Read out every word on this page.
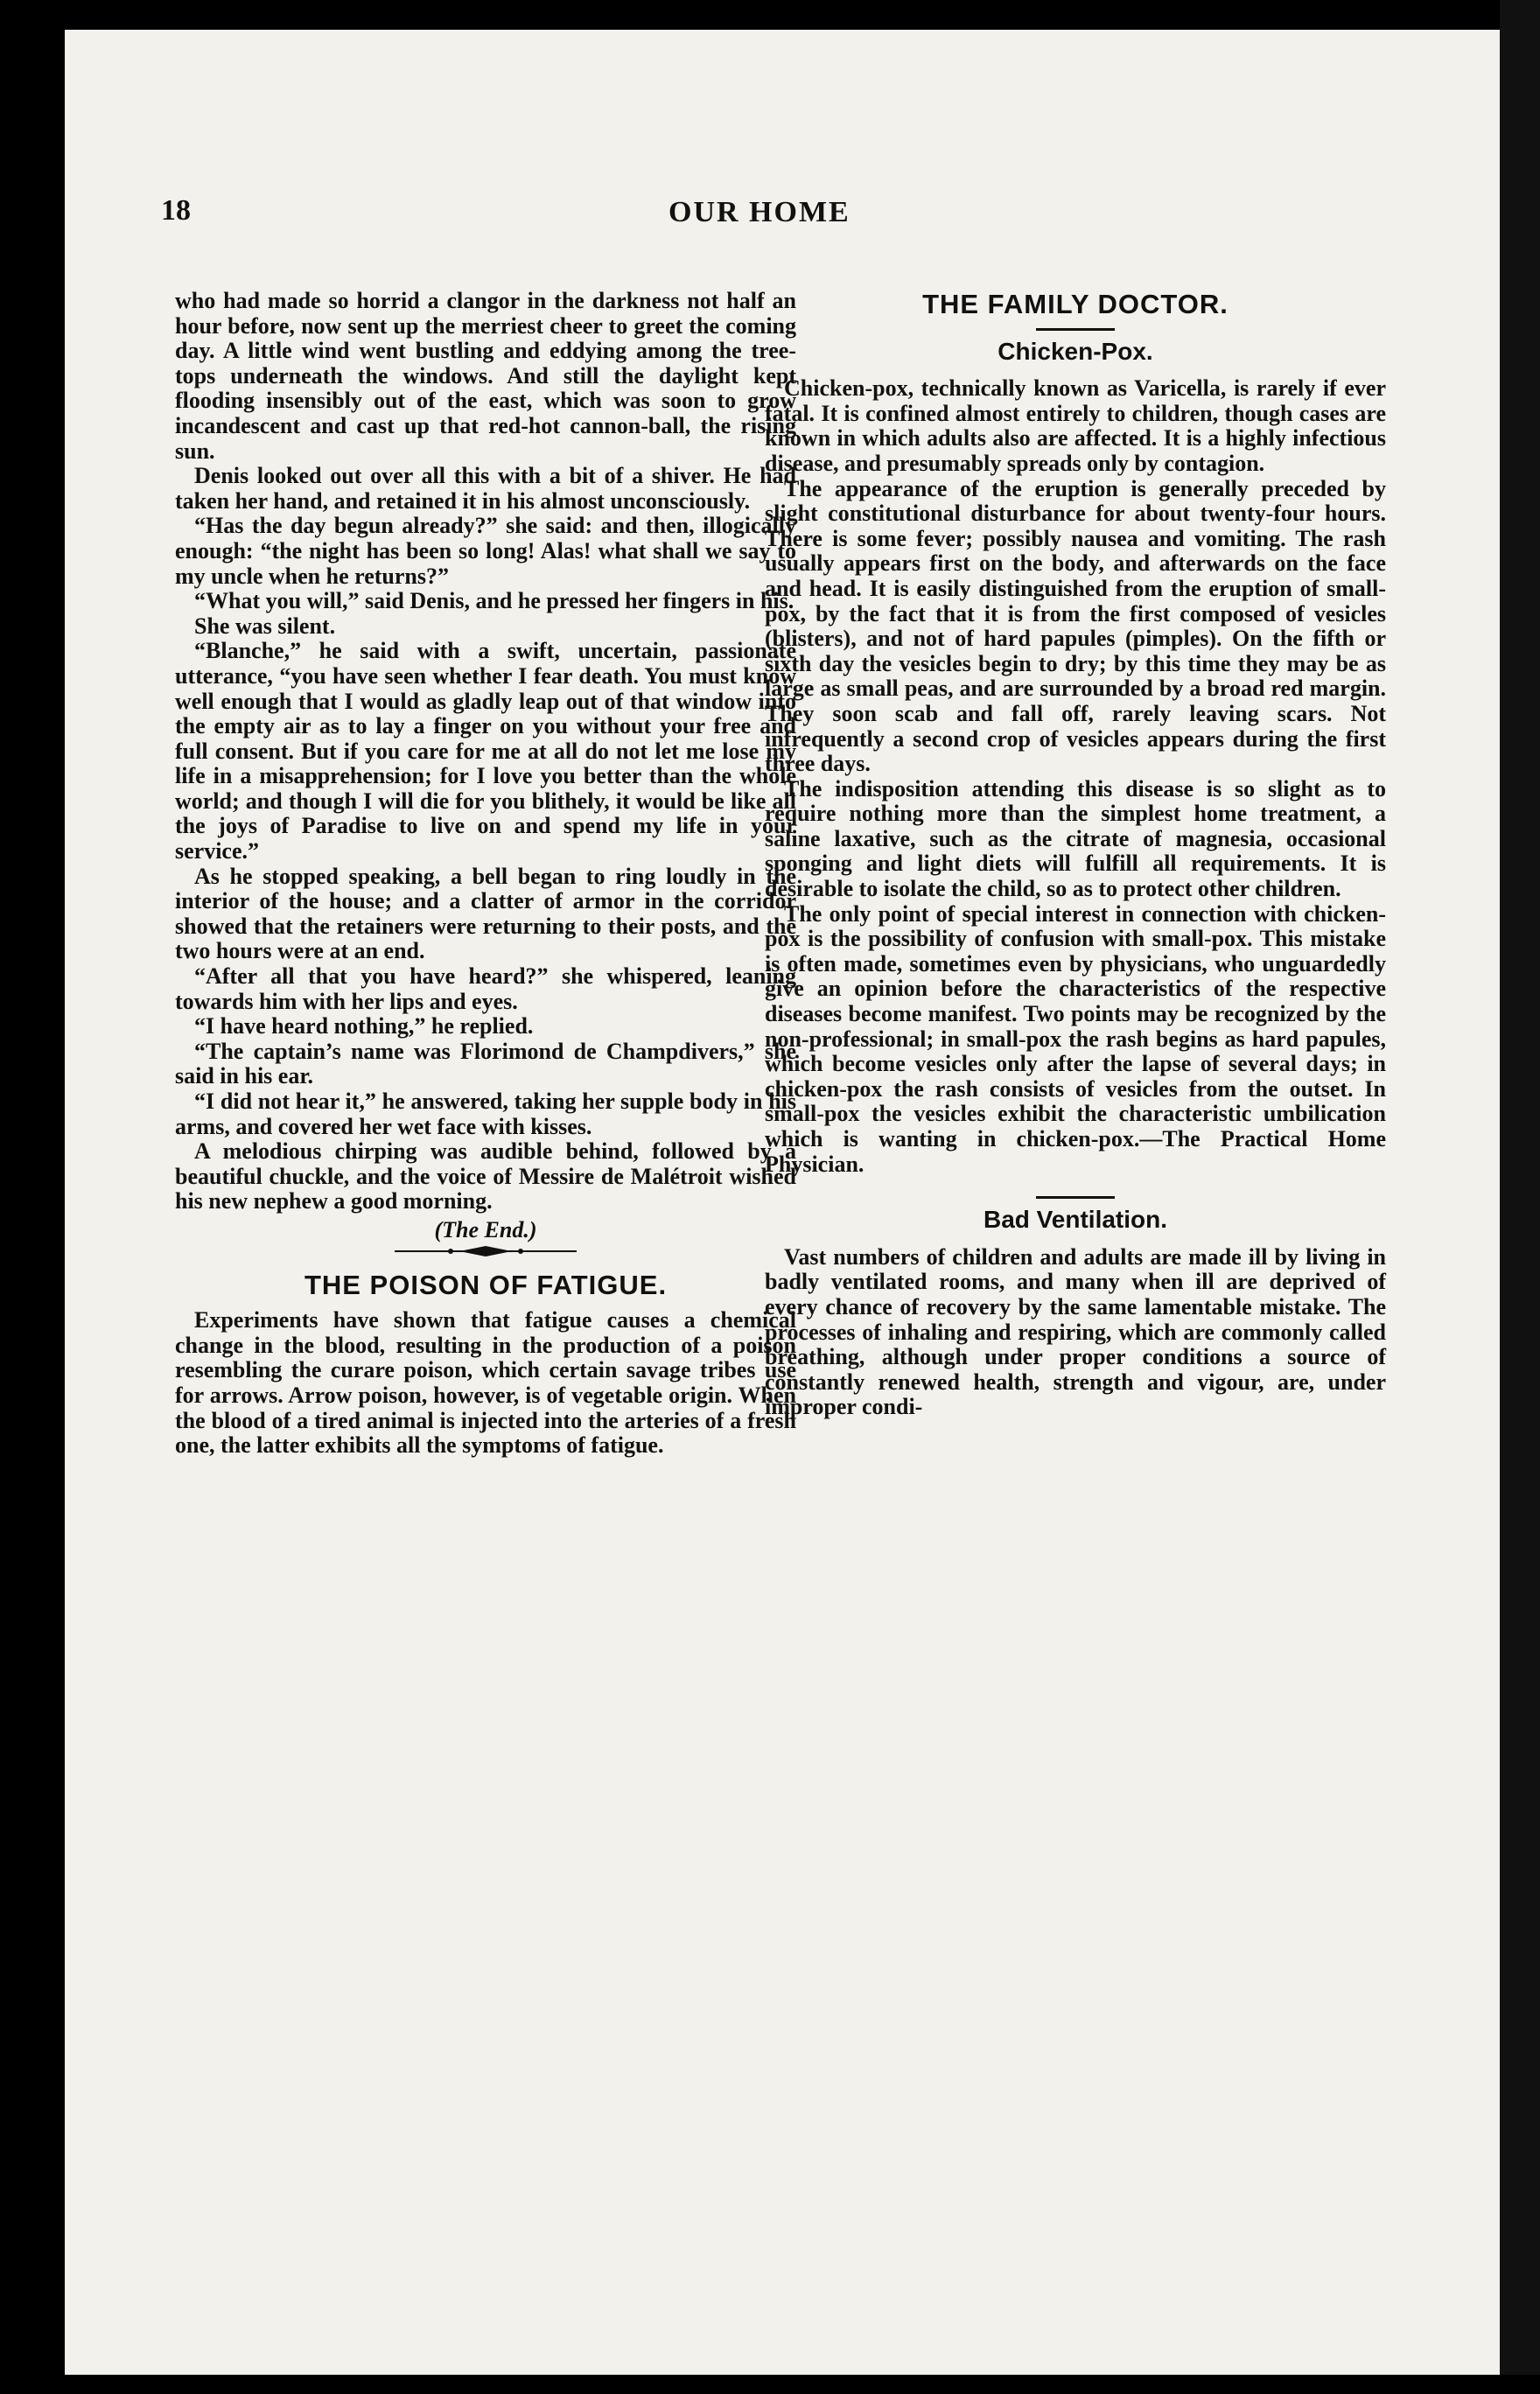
18	OUR HOME

who had made so horrid a clangor in the darkness not half an hour before, now sent up the merriest cheer to greet the coming day. A little wind went bustling and eddying among the tree-tops underneath the windows. And still the daylight kept flooding insensibly out of the east, which was soon to grow incandescent and cast up that red-hot cannon-ball, the rising sun.

Denis looked out over all this with a bit of a shiver. He had taken her hand, and retained it in his almost unconsciously.

“Has the day begun already?” she said: and then, illogically enough: “the night has been so long! Alas! what shall we say to my uncle when he returns?”

“What you will,” said Denis, and he pressed her fingers in his.

She was silent.

“Blanche,” he said with a swift, uncertain, passionate utterance, “you have seen whether I fear death. You must know well enough that I would as gladly leap out of that window into the empty air as to lay a finger on you without your free and full consent. But if you care for me at all do not let me lose my life in a misapprehension; for I love you better than the whole world; and though I will die for you blithely, it would be like all the joys of Paradise to live on and spend my life in your service.”

As he stopped speaking, a bell began to ring loudly in the interior of the house; and a clatter of armor in the corridor showed that the retainers were returning to their posts, and the two hours were at an end.

“After all that you have heard?” she whispered, leaning towards him with her lips and eyes.

“I have heard nothing,” he replied.

“The captain’s name was Florimond de Champdivers,” she said in his ear.

“I did not hear it,” he answered, taking her supple body in his arms, and covered her wet face with kisses.

A melodious chirping was audible behind, followed by a beautiful chuckle, and the voice of Messire de Malétroit wished his new nephew a good morning.

(The End.)
THE POISON OF FATIGUE.

Experiments have shown that fatigue causes a chemical change in the blood, resulting in the production of a poison resembling the curare poison, which certain savage tribes use for arrows. Arrow poison, however, is of vegetable origin. When the blood of a tired animal is injected into the arteries of a fresh one, the latter exhibits all the symptoms of fatigue.

THE FAMILY DOCTOR.
Chicken-Pox.

Chicken-pox, technically known as Varicella, is rarely if ever fatal. It is confined almost entirely to children, though cases are known in which adults also are affected. It is a highly infectious disease, and presumably spreads only by contagion.

The appearance of the eruption is generally preceded by slight constitutional disturbance for about twenty-four hours. There is some fever; possibly nausea and vomiting. The rash usually appears first on the body, and afterwards on the face and head. It is easily distinguished from the eruption of small-pox, by the fact that it is from the first composed of vesicles (blisters), and not of hard papules (pimples). On the fifth or sixth day the vesicles begin to dry; by this time they may be as large as small peas, and are surrounded by a broad red margin. They soon scab and fall off, rarely leaving scars. Not infrequently a second crop of vesicles appears during the first three days.

The indisposition attending this disease is so slight as to require nothing more than the simplest home treatment, a saline laxative, such as the citrate of magnesia, occasional sponging and light diets will fulfill all requirements. It is desirable to isolate the child, so as to protect other children.

The only point of special interest in connection with chicken-pox is the possibility of confusion with small-pox. This mistake is often made, sometimes even by physicians, who unguardedly give an opinion before the characteristics of the respective diseases become manifest. Two points may be recognized by the non-professional; in small-pox the rash begins as hard papules, which become vesicles only after the lapse of several days; in chicken-pox the rash consists of vesicles from the outset. In small-pox the vesicles exhibit the characteristic umbilication which is wanting in chicken-pox.—The Practical Home Physician.

Bad Ventilation.

Vast numbers of children and adults are made ill by living in badly ventilated rooms, and many when ill are deprived of every chance of recovery by the same lamentable mistake. The processes of inhaling and respiring, which are commonly called breathing, although under proper conditions a source of constantly renewed health, strength and vigour, are, under improper condi-
